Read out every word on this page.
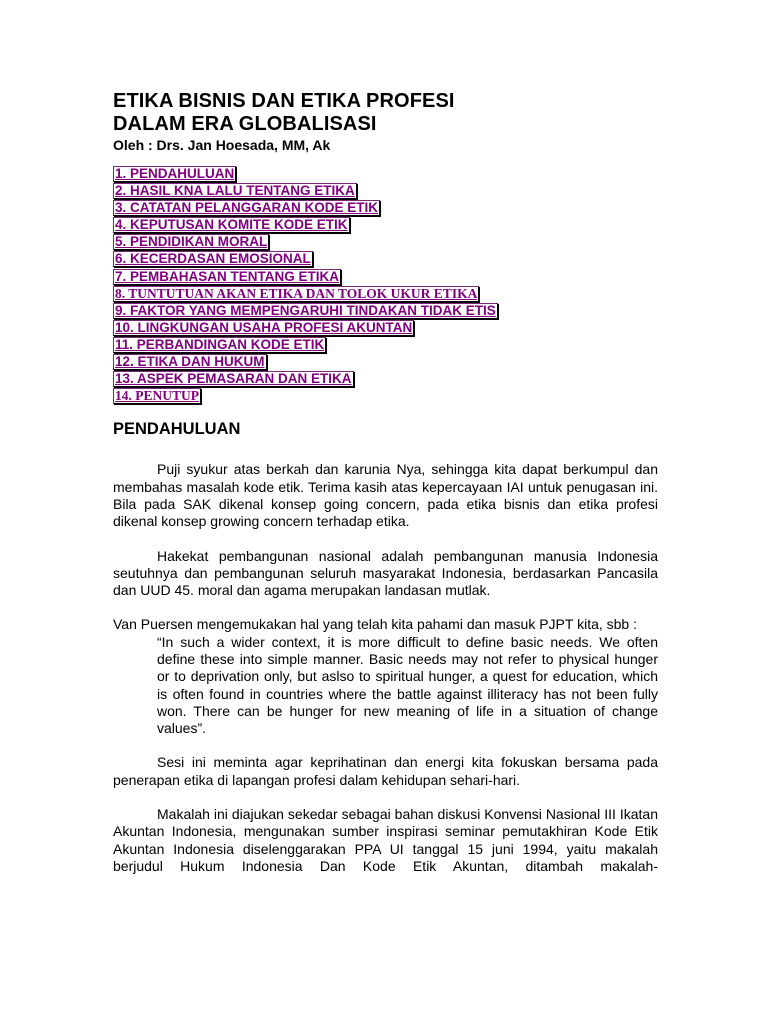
ETIKA BISNIS DAN ETIKA PROFESI
DALAM ERA GLOBALISASI
Oleh : Drs. Jan Hoesada, MM, Ak
1. PENDAHULUAN
2. HASIL KNA LALU TENTANG ETIKA
3. CATATAN PELANGGARAN KODE ETIK
4. KEPUTUSAN KOMITE KODE ETIK
5. PENDIDIKAN MORAL
6. KECERDASAN EMOSIONAL
7. PEMBAHASAN TENTANG ETIKA
8. TUNTUTUAN AKAN ETIKA DAN TOLOK UKUR ETIKA
9. FAKTOR YANG MEMPENGARUHI TINDAKAN TIDAK ETIS
10. LINGKUNGAN USAHA PROFESI AKUNTAN
11. PERBANDINGAN KODE ETIK
12. ETIKA DAN HUKUM
13. ASPEK PEMASARAN DAN ETIKA
14. PENUTUP
PENDAHULUAN

Puji syukur atas berkah dan karunia Nya, sehingga kita dapat berkumpul dan membahas masalah kode etik. Terima kasih atas kepercayaan IAI untuk penugasan ini. Bila pada SAK dikenal konsep going concern, pada etika bisnis dan etika profesi dikenal konsep growing concern terhadap etika.

Hakekat pembangunan nasional adalah pembangunan manusia Indonesia seutuhnya dan pembangunan seluruh masyarakat Indonesia, berdasarkan Pancasila dan UUD 45. moral dan agama merupakan landasan mutlak.

Van Puersen mengemukakan hal yang telah kita pahami dan masuk PJPT kita, sbb :

“In such a wider context, it is more difficult to define basic needs. We often define these into simple manner. Basic needs may not refer to physical hunger or to deprivation only, but aslso to spiritual hunger, a quest for education, which is often found in countries where the battle against illiteracy has not been fully won. There can be hunger for new meaning of life in a situation of change values”.

Sesi ini meminta agar keprihatinan dan energi kita fokuskan bersama pada penerapan etika di lapangan profesi dalam kehidupan sehari-hari.

Makalah ini diajukan sekedar sebagai bahan diskusi Konvensi Nasional III Ikatan Akuntan Indonesia, mengunakan sumber inspirasi seminar pemutakhiran Kode Etik Akuntan Indonesia diselenggarakan PPA UI tanggal 15 juni 1994, yaitu makalah berjudul Hukum Indonesia Dan Kode Etik Akuntan, ditambah makalah-
